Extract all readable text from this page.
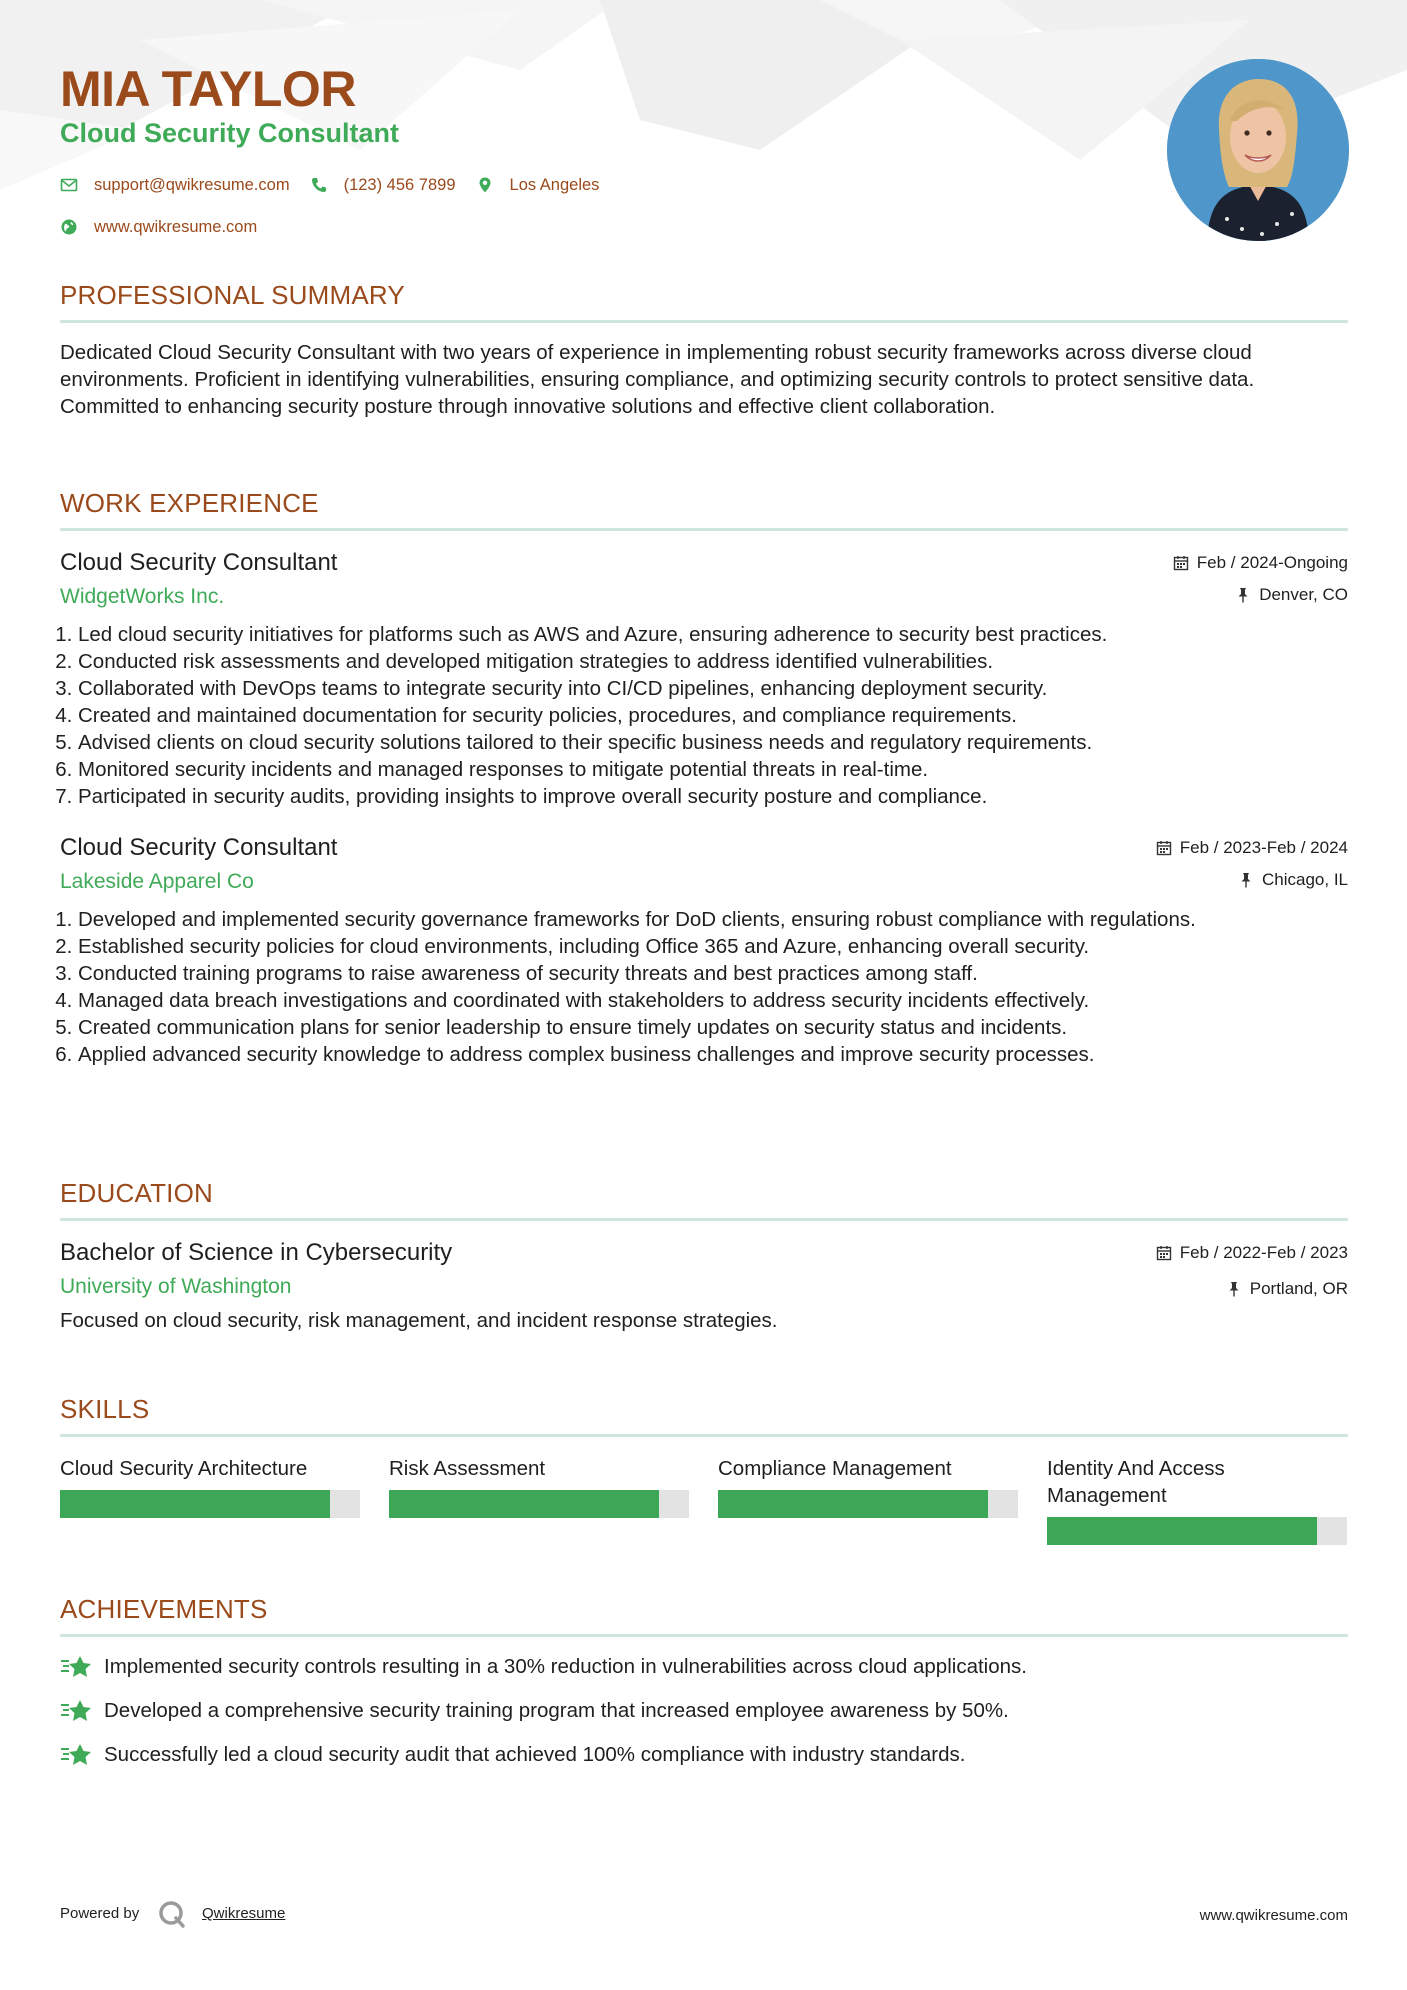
MIA TAYLOR
Cloud Security Consultant
support@qwikresume.com	(123) 456 7899	Los Angeles
www.qwikresume.com
PROFESSIONAL SUMMARY
Dedicated Cloud Security Consultant with two years of experience in implementing robust security frameworks across diverse cloud environments. Proficient in identifying vulnerabilities, ensuring compliance, and optimizing security controls to protect sensitive data. Committed to enhancing security posture through innovative solutions and effective client collaboration.
WORK EXPERIENCE
Cloud Security Consultant	Feb / 2024-Ongoing
WidgetWorks Inc.	Denver, CO
1. Led cloud security initiatives for platforms such as AWS and Azure, ensuring adherence to security best practices.
2. Conducted risk assessments and developed mitigation strategies to address identified vulnerabilities.
3. Collaborated with DevOps teams to integrate security into CI/CD pipelines, enhancing deployment security.
4. Created and maintained documentation for security policies, procedures, and compliance requirements.
5. Advised clients on cloud security solutions tailored to their specific business needs and regulatory requirements.
6. Monitored security incidents and managed responses to mitigate potential threats in real-time.
7. Participated in security audits, providing insights to improve overall security posture and compliance.
Cloud Security Consultant	Feb / 2023-Feb / 2024
Lakeside Apparel Co	Chicago, IL
1. Developed and implemented security governance frameworks for DoD clients, ensuring robust compliance with regulations.
2. Established security policies for cloud environments, including Office 365 and Azure, enhancing overall security.
3. Conducted training programs to raise awareness of security threats and best practices among staff.
4. Managed data breach investigations and coordinated with stakeholders to address security incidents effectively.
5. Created communication plans for senior leadership to ensure timely updates on security status and incidents.
6. Applied advanced security knowledge to address complex business challenges and improve security processes.
EDUCATION
Bachelor of Science in Cybersecurity	Feb / 2022-Feb / 2023
University of Washington	Portland, OR
Focused on cloud security, risk management, and incident response strategies.
SKILLS
Cloud Security Architecture	Risk Assessment	Compliance Management	Identity And Access Management
ACHIEVEMENTS
Implemented security controls resulting in a 30% reduction in vulnerabilities across cloud applications.
Developed a comprehensive security training program that increased employee awareness by 50%.
Successfully led a cloud security audit that achieved 100% compliance with industry standards.
Powered by	Qwikresume	www.qwikresume.com
